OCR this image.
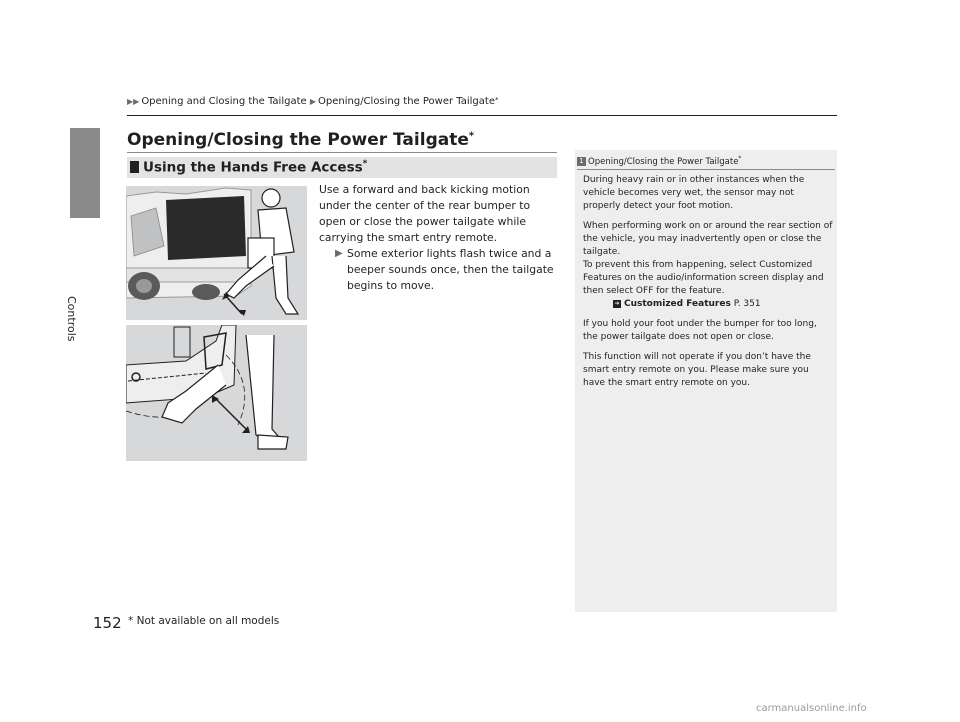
Controls
▶▶ Opening and Closing the Tailgate ▶ Opening/Closing the Power Tailgate*
Opening/Closing the Power Tailgate*
Using the Hands Free Access*
Use a forward and back kicking motion under the center of the rear bumper to open or close the power tailgate while carrying the smart entry remote.
▶ Some exterior lights flash twice and a beeper sounds once, then the tailgate begins to move.
1 Opening/Closing the Power Tailgate*

During heavy rain or in other instances when the vehicle becomes very wet, the sensor may not properly detect your foot motion.

When performing work on or around the rear section of the vehicle, you may inadvertently open or close the tailgate.

To prevent this from happening, select Customized Features on the audio/information screen display and then select OFF for the feature.

➔ Customized Features P. 351

If you hold your foot under the bumper for too long, the power tailgate does not open or close.

This function will not operate if you don’t have the smart entry remote on you. Please make sure you have the smart entry remote on you.

152 * Not available on all models
carmanualsonline.info
